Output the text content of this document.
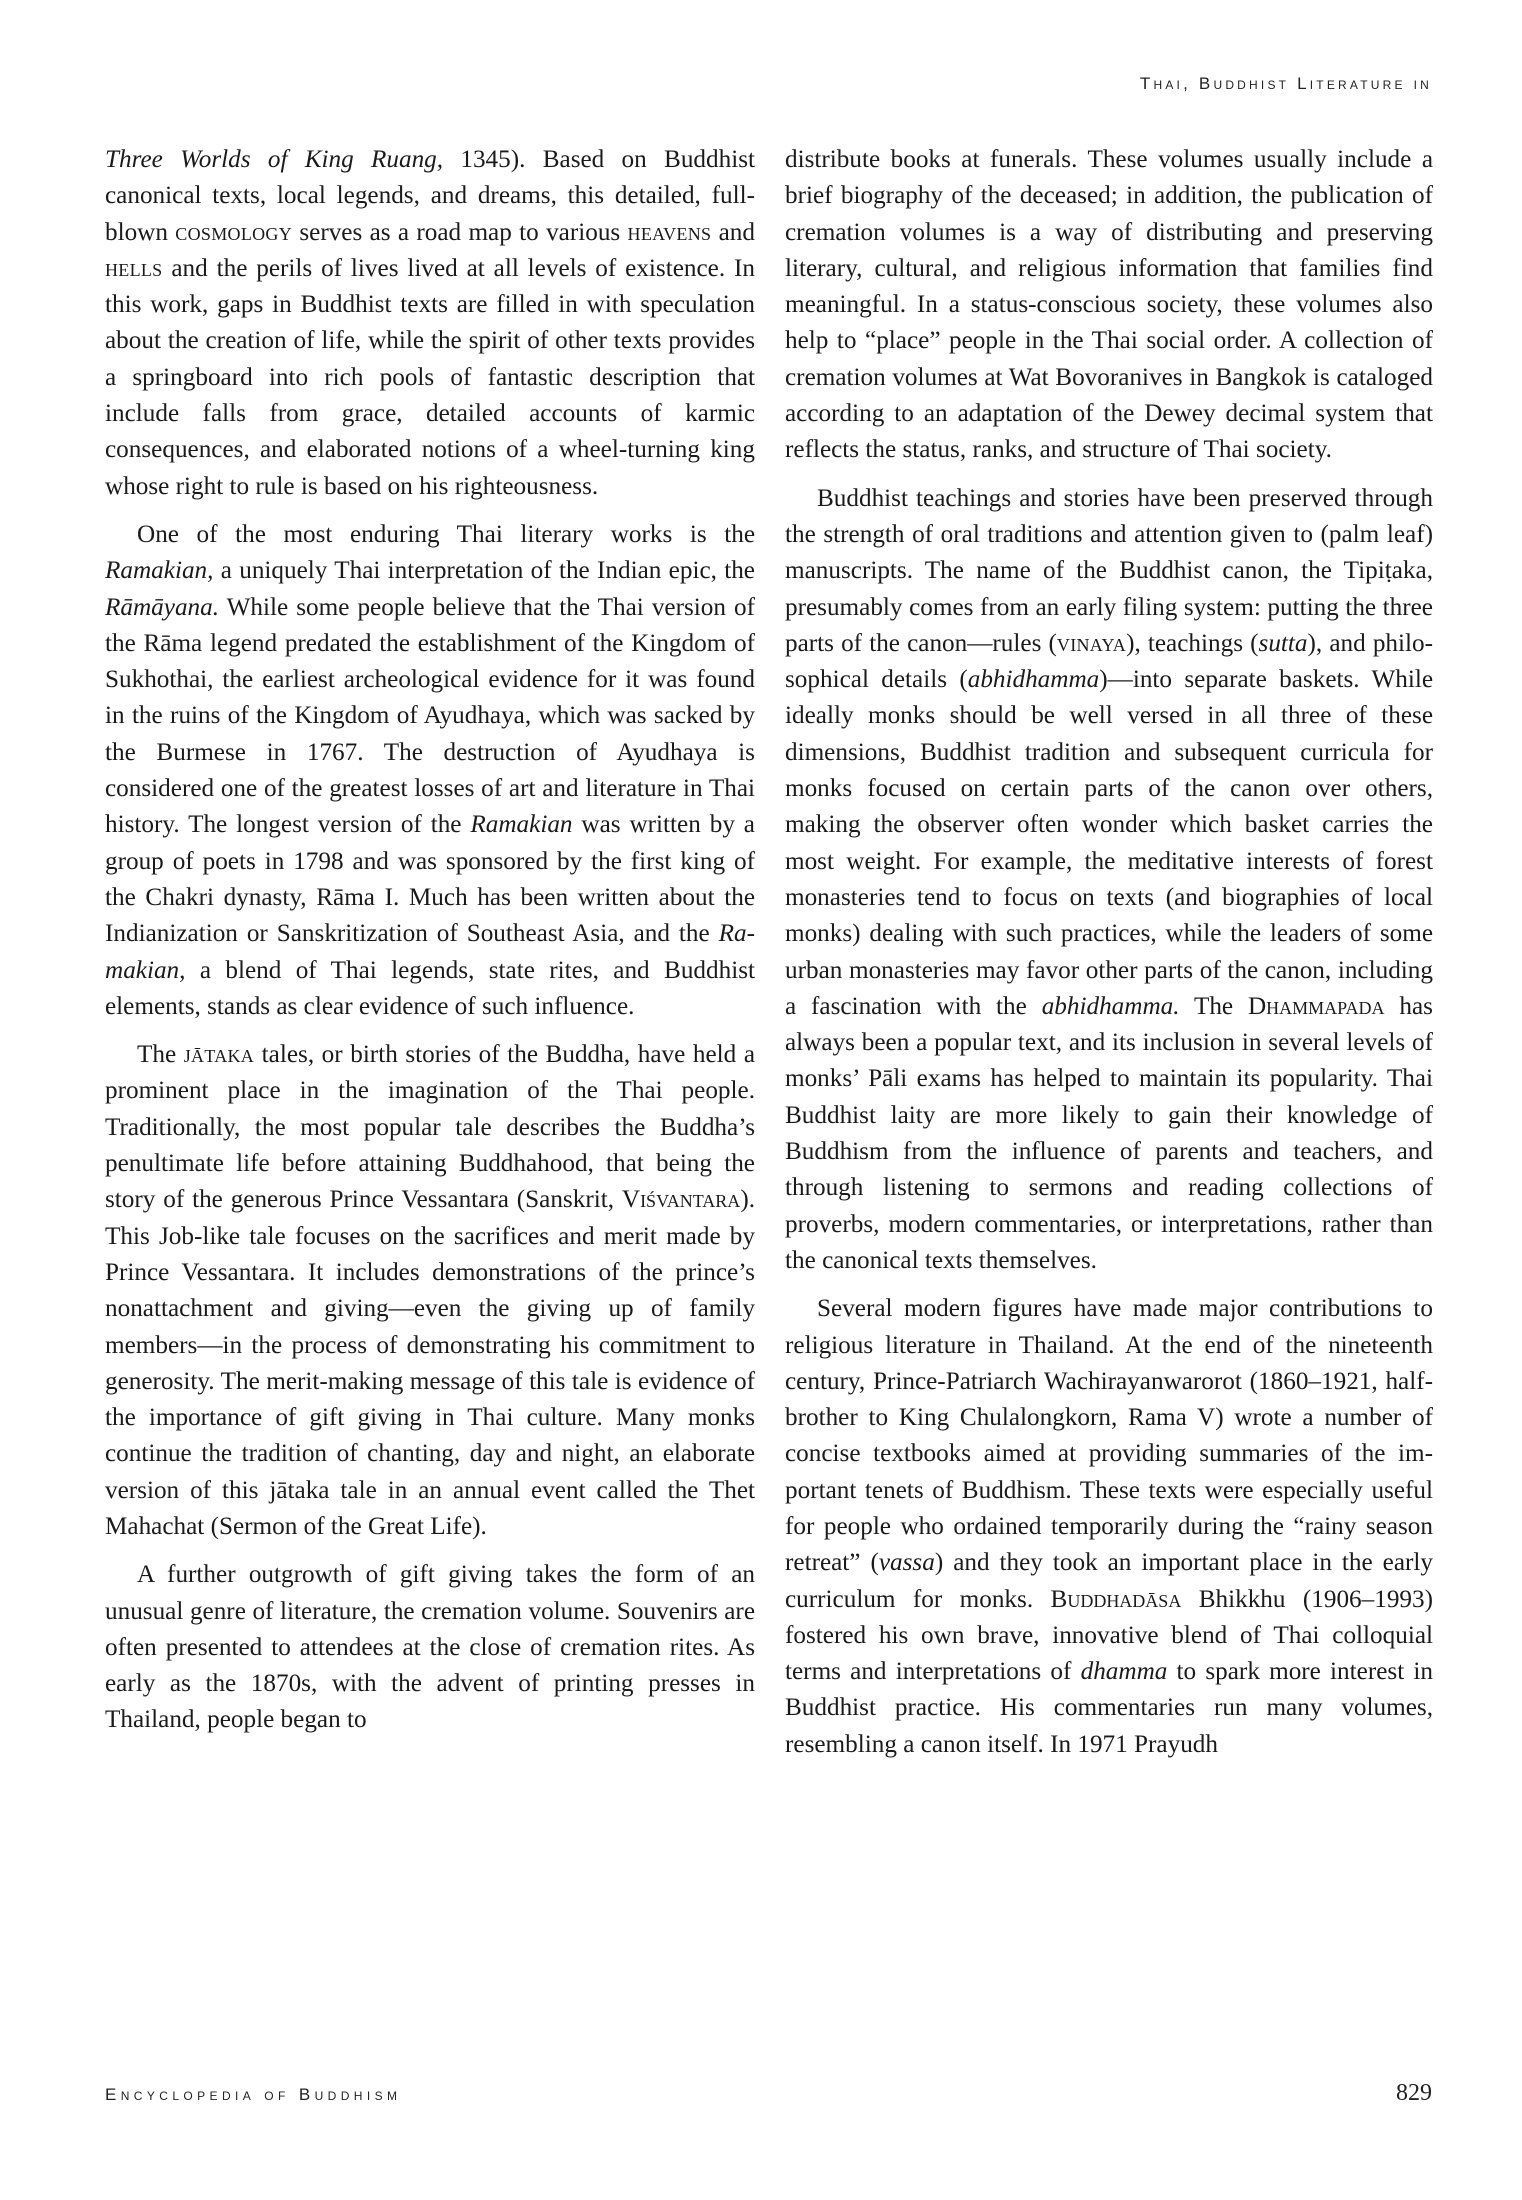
Thai, Buddhist Literature in

Three Worlds of King Ruang, 1345). Based on Buddhist canonical texts, local legends, and dreams, this detailed, full-blown cosmology serves as a road map to various heavens and hells and the perils of lives lived at all levels of existence. In this work, gaps in Buddhist texts are filled in with speculation about the creation of life, while the spirit of other texts provides a springboard into rich pools of fantastic description that include falls from grace, detailed accounts of karmic consequences, and elaborated notions of a wheel-turning king whose right to rule is based on his righteousness.

One of the most enduring Thai literary works is the Ramakian, a uniquely Thai interpretation of the Indian epic, the Rāmāyana. While some people believe that the Thai version of the Rāma legend predated the establishment of the Kingdom of Sukhothai, the earliest archeological evidence for it was found in the ruins of the Kingdom of Ayudhaya, which was sacked by the Burmese in 1767. The destruction of Ayudhaya is considered one of the greatest losses of art and literature in Thai history. The longest version of the Ramakian was written by a group of poets in 1798 and was sponsored by the first king of the Chakri dynasty, Rāma I. Much has been written about the Indianization or Sanskritization of Southeast Asia, and the Ramakian, a blend of Thai legends, state rites, and Buddhist elements, stands as clear evidence of such influence.

The jātaka tales, or birth stories of the Buddha, have held a prominent place in the imagination of the Thai people. Traditionally, the most popular tale describes the Buddha’s penultimate life before attaining Buddhahood, that being the story of the generous Prince Vessantara (Sanskrit, Viśvantara). This Job-like tale focuses on the sacrifices and merit made by Prince Vessantara. It includes demonstrations of the prince’s nonattachment and giving—even the giving up of family members—in the process of demonstrating his commitment to generosity. The merit-making message of this tale is evidence of the importance of gift giving in Thai culture. Many monks continue the tradition of chanting, day and night, an elaborate version of this jātaka tale in an annual event called the Thet Mahachat (Sermon of the Great Life).

A further outgrowth of gift giving takes the form of an unusual genre of literature, the cremation volume. Souvenirs are often presented to attendees at the close of cremation rites. As early as the 1870s, with the advent of printing presses in Thailand, people began to

distribute books at funerals. These volumes usually include a brief biography of the deceased; in addition, the publication of cremation volumes is a way of distributing and preserving literary, cultural, and religious information that families find meaningful. In a status-conscious society, these volumes also help to “place” people in the Thai social order. A collection of cremation volumes at Wat Bovoranives in Bangkok is cataloged according to an adaptation of the Dewey decimal system that reflects the status, ranks, and structure of Thai society.

Buddhist teachings and stories have been preserved through the strength of oral traditions and attention given to (palm leaf) manuscripts. The name of the Buddhist canon, the Tipiṭaka, presumably comes from an early filing system: putting the three parts of the canon—rules (vinaya), teachings (sutta), and philosophical details (abhidhamma)—into separate baskets. While ideally monks should be well versed in all three of these dimensions, Buddhist tradition and subsequent curricula for monks focused on certain parts of the canon over others, making the observer often wonder which basket carries the most weight. For example, the meditative interests of forest monasteries tend to focus on texts (and biographies of local monks) dealing with such practices, while the leaders of some urban monasteries may favor other parts of the canon, including a fascination with the abhidhamma. The Dhammapada has always been a popular text, and its inclusion in several levels of monks’ Pāli exams has helped to maintain its popularity. Thai Buddhist laity are more likely to gain their knowledge of Buddhism from the influence of parents and teachers, and through listening to sermons and reading collections of proverbs, modern commentaries, or interpretations, rather than the canonical texts themselves.

Several modern figures have made major contributions to religious literature in Thailand. At the end of the nineteenth century, Prince-Patriarch Wachirayanwarorot (1860–1921, half-brother to King Chulalongkorn, Rama V) wrote a number of concise textbooks aimed at providing summaries of the important tenets of Buddhism. These texts were especially useful for people who ordained temporarily during the “rainy season retreat” (vassa) and they took an important place in the early curriculum for monks. Buddhadāsa Bhikkhu (1906–1993) fostered his own brave, innovative blend of Thai colloquial terms and interpretations of dhamma to spark more interest in Buddhist practice. His commentaries run many volumes, resembling a canon itself. In 1971 Prayudh

Encyclopedia of Buddhism	829
